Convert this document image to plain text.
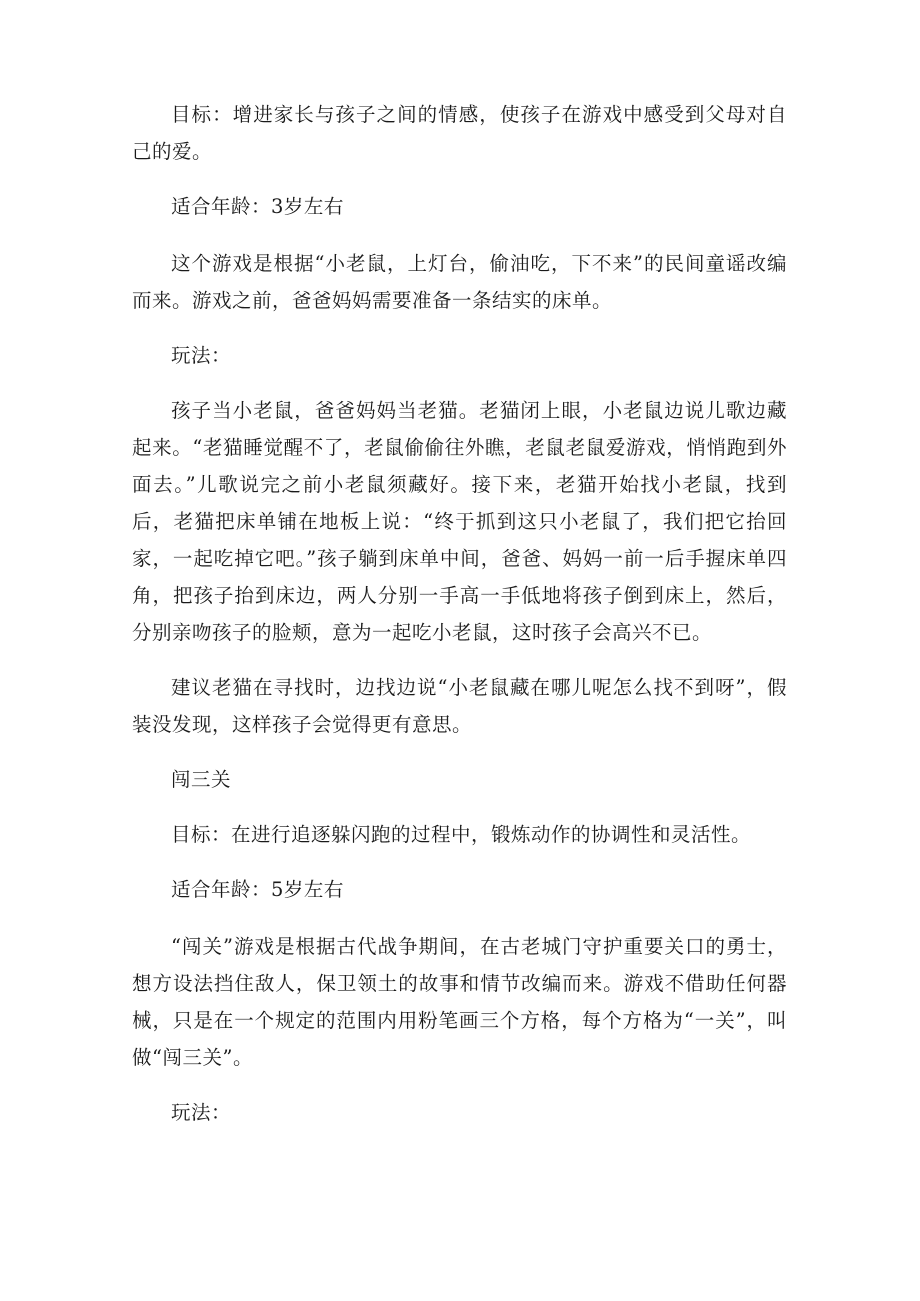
目标：增进家长与孩子之间的情感，使孩子在游戏中感受到父母对自己的爱。

适合年龄：3岁左右

这个游戏是根据“小老鼠，上灯台，偷油吃，下不来”的民间童谣改编而来。游戏之前，爸爸妈妈需要准备一条结实的床单。

玩法：

孩子当小老鼠，爸爸妈妈当老猫。老猫闭上眼，小老鼠边说儿歌边藏起来。“老猫睡觉醒不了，老鼠偷偷往外瞧，老鼠老鼠爱游戏，悄悄跑到外面去。”儿歌说完之前小老鼠须藏好。接下来，老猫开始找小老鼠，找到后，老猫把床单铺在地板上说：“终于抓到这只小老鼠了，我们把它抬回家，一起吃掉它吧。”孩子躺到床单中间，爸爸、妈妈一前一后手握床单四角，把孩子抬到床边，两人分别一手高一手低地将孩子倒到床上，然后，分别亲吻孩子的脸颊，意为一起吃小老鼠，这时孩子会高兴不已。

建议老猫在寻找时，边找边说“小老鼠藏在哪儿呢怎么找不到呀”，假装没发现，这样孩子会觉得更有意思。

闯三关

目标：在进行追逐躲闪跑的过程中，锻炼动作的协调性和灵活性。

适合年龄：5岁左右

“闯关”游戏是根据古代战争期间，在古老城门守护重要关口的勇士，想方设法挡住敌人，保卫领土的故事和情节改编而来。游戏不借助任何器械，只是在一个规定的范围内用粉笔画三个方格，每个方格为“一关”，叫做“闯三关”。

玩法：
